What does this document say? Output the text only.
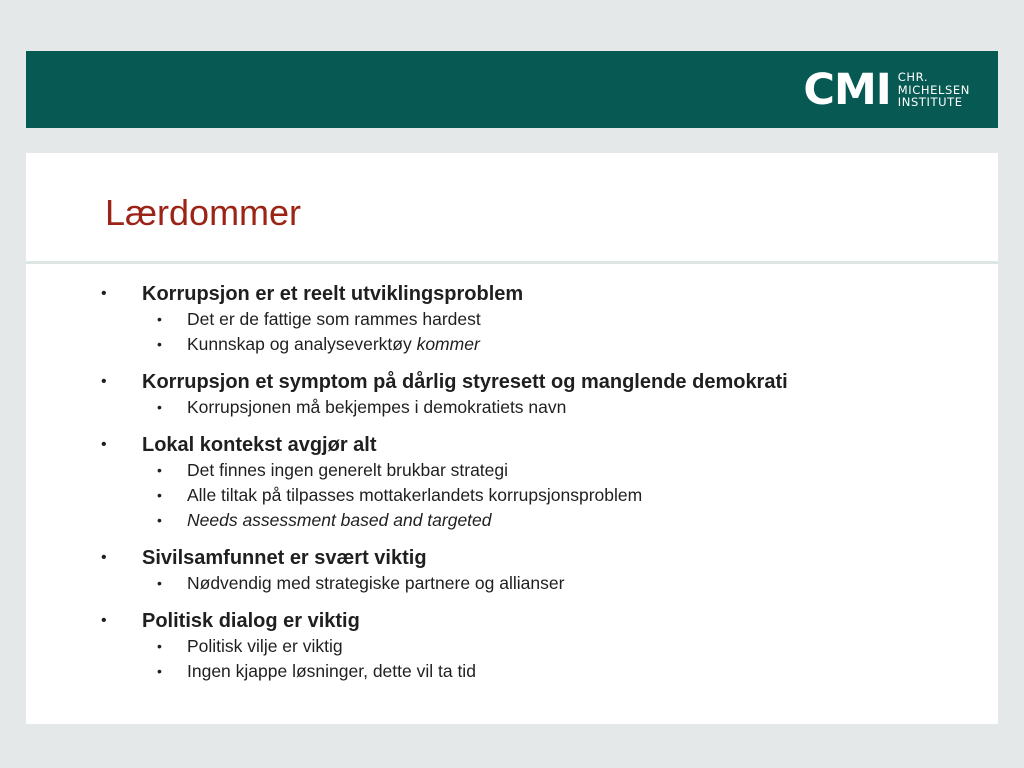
CMI CHR.
MICHELSEN
INSTITUTE
Lærdommer
• Korrupsjon er et reelt utviklingsproblem
• Det er de fattige som rammes hardest
• Kunnskap og analyseverktøy kommer
• Korrupsjon et symptom på dårlig styresett og manglende demokrati
• Korrupsjonen må bekjempes i demokratiets navn
• Lokal kontekst avgjør alt
• Det finnes ingen generelt brukbar strategi
• Alle tiltak på tilpasses mottakerlandets korrupsjonsproblem
• Needs assessment based and targeted
• Sivilsamfunnet er svært viktig
• Nødvendig med strategiske partnere og allianser
• Politisk dialog er viktig
• Politisk vilje er viktig
• Ingen kjappe løsninger, dette vil ta tid
